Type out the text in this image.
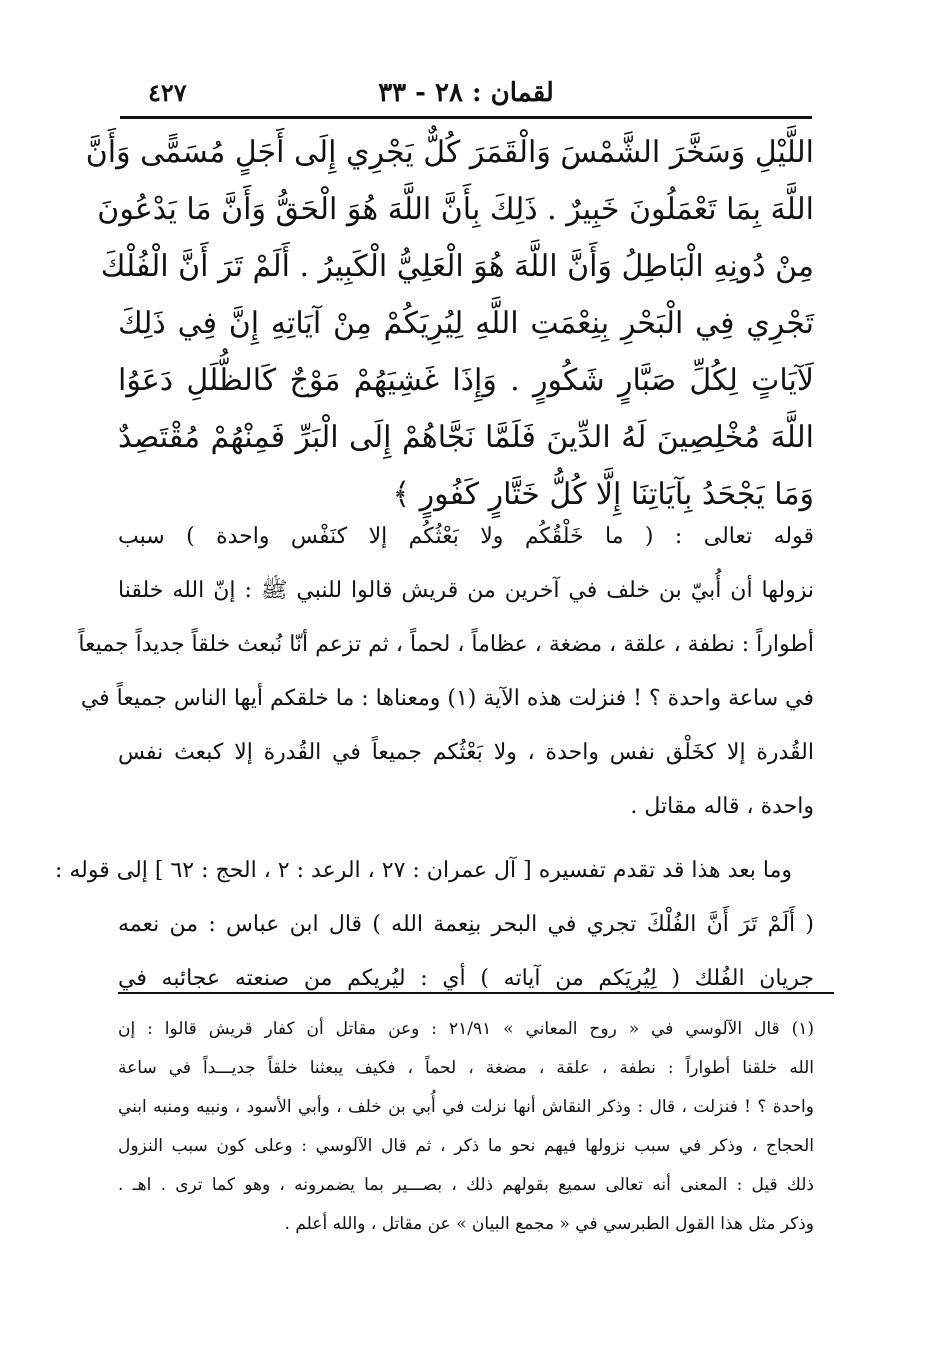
لقمان : ٢٨ - ٣٣
٤٢٧
اللَّيْلِ وَسَخَّرَ الشَّمْسَ وَالْقَمَرَ كُلٌّ يَجْرِي إِلَى أَجَلٍ مُسَمًّى وَأَنَّ
اللَّهَ بِمَا تَعْمَلُونَ خَبِيرٌ . ذَلِكَ بِأَنَّ اللَّهَ هُوَ الْحَقُّ وَأَنَّ مَا يَدْعُونَ
مِنْ دُونِهِ الْبَاطِلُ وَأَنَّ اللَّهَ هُوَ الْعَلِيُّ الْكَبِيرُ . أَلَمْ تَرَ أَنَّ الْفُلْكَ
تَجْرِي فِي الْبَحْرِ بِنِعْمَتِ اللَّهِ لِيُرِيَكُمْ مِنْ آيَاتِهِ إِنَّ فِي ذَلِكَ
لَآيَاتٍ لِكُلِّ صَبَّارٍ شَكُورٍ . وَإِذَا غَشِيَهُمْ مَوْجٌ كَالظُّلَلِ دَعَوُا
اللَّهَ مُخْلِصِينَ لَهُ الدِّينَ فَلَمَّا نَجَّاهُمْ إِلَى الْبَرِّ فَمِنْهُمْ مُقْتَصِدٌ
وَمَا يَجْحَدُ بِآيَاتِنَا إِلَّا كُلُّ خَتَّارٍ كَفُورٍ ﴾
قوله تعالى : ( ما خَلْقُكُم ولا بَعْثُكُم إلا كنَفْس واحدة ) سبب
نزولها أن أُبيّ بن خلف في آخرين من قريش قالوا للنبي ﷺ : إنّ الله خلقنا
أطواراً : نطفة ، علقة ، مضغة ، عظاماً ، لحماً ، ثم تزعم أنّا نُبعث خلقاً جديداً جميعاً
في ساعة واحدة ؟ ! فنزلت هذه الآية (١) ومعناها : ما خلقكم أيها الناس جميعاً في
القُدرة إلا كخَلْق نفس واحدة ، ولا بَعْثُكم جميعاً في القُدرة إلا كبعث نفس
واحدة ، قاله مقاتل .
وما بعد هذا قد تقدم تفسيره [ آل عمران : ٢٧ ، الرعد : ٢ ، الحج : ٦٢ ] إلى قوله :
( أَلَمْ تَرَ أَنَّ الفُلْكَ تجري في البحر بنِعمة الله ) قال ابن عباس : من نعمه
جريان الفُلك ( لِيُرِيَكم من آياته ) أي : ليُريكم من صنعته عجائبه في
(١) قال الآلوسي في « روح المعاني » ٢١/٩١ : وعن مقاتل أن كفار قريش قالوا : إن
الله خلقنا أطواراً : نطفة ، علقة ، مضغة ، لحماً ، فكيف يبعثنا خلقاً جديـــداً في ساعة
واحدة ؟ ! فنزلت ، قال : وذكر النقاش أنها نزلت في أُبي بن خلف ، وأبي الأسود ، ونبيه ومنبه ابني
الحجاج ، وذكر في سبب نزولها فيهم نحو ما ذكر ، ثم قال الآلوسي : وعلى كون سبب النزول
ذلك قيل : المعنى أنه تعالى سميع بقولهم ذلك ، بصـــير بما يضمرونه ، وهو كما ترى . اهـ .
وذكر مثل هذا القول الطبرسي في « مجمع البيان » عن مقاتل ، والله أعلم .
